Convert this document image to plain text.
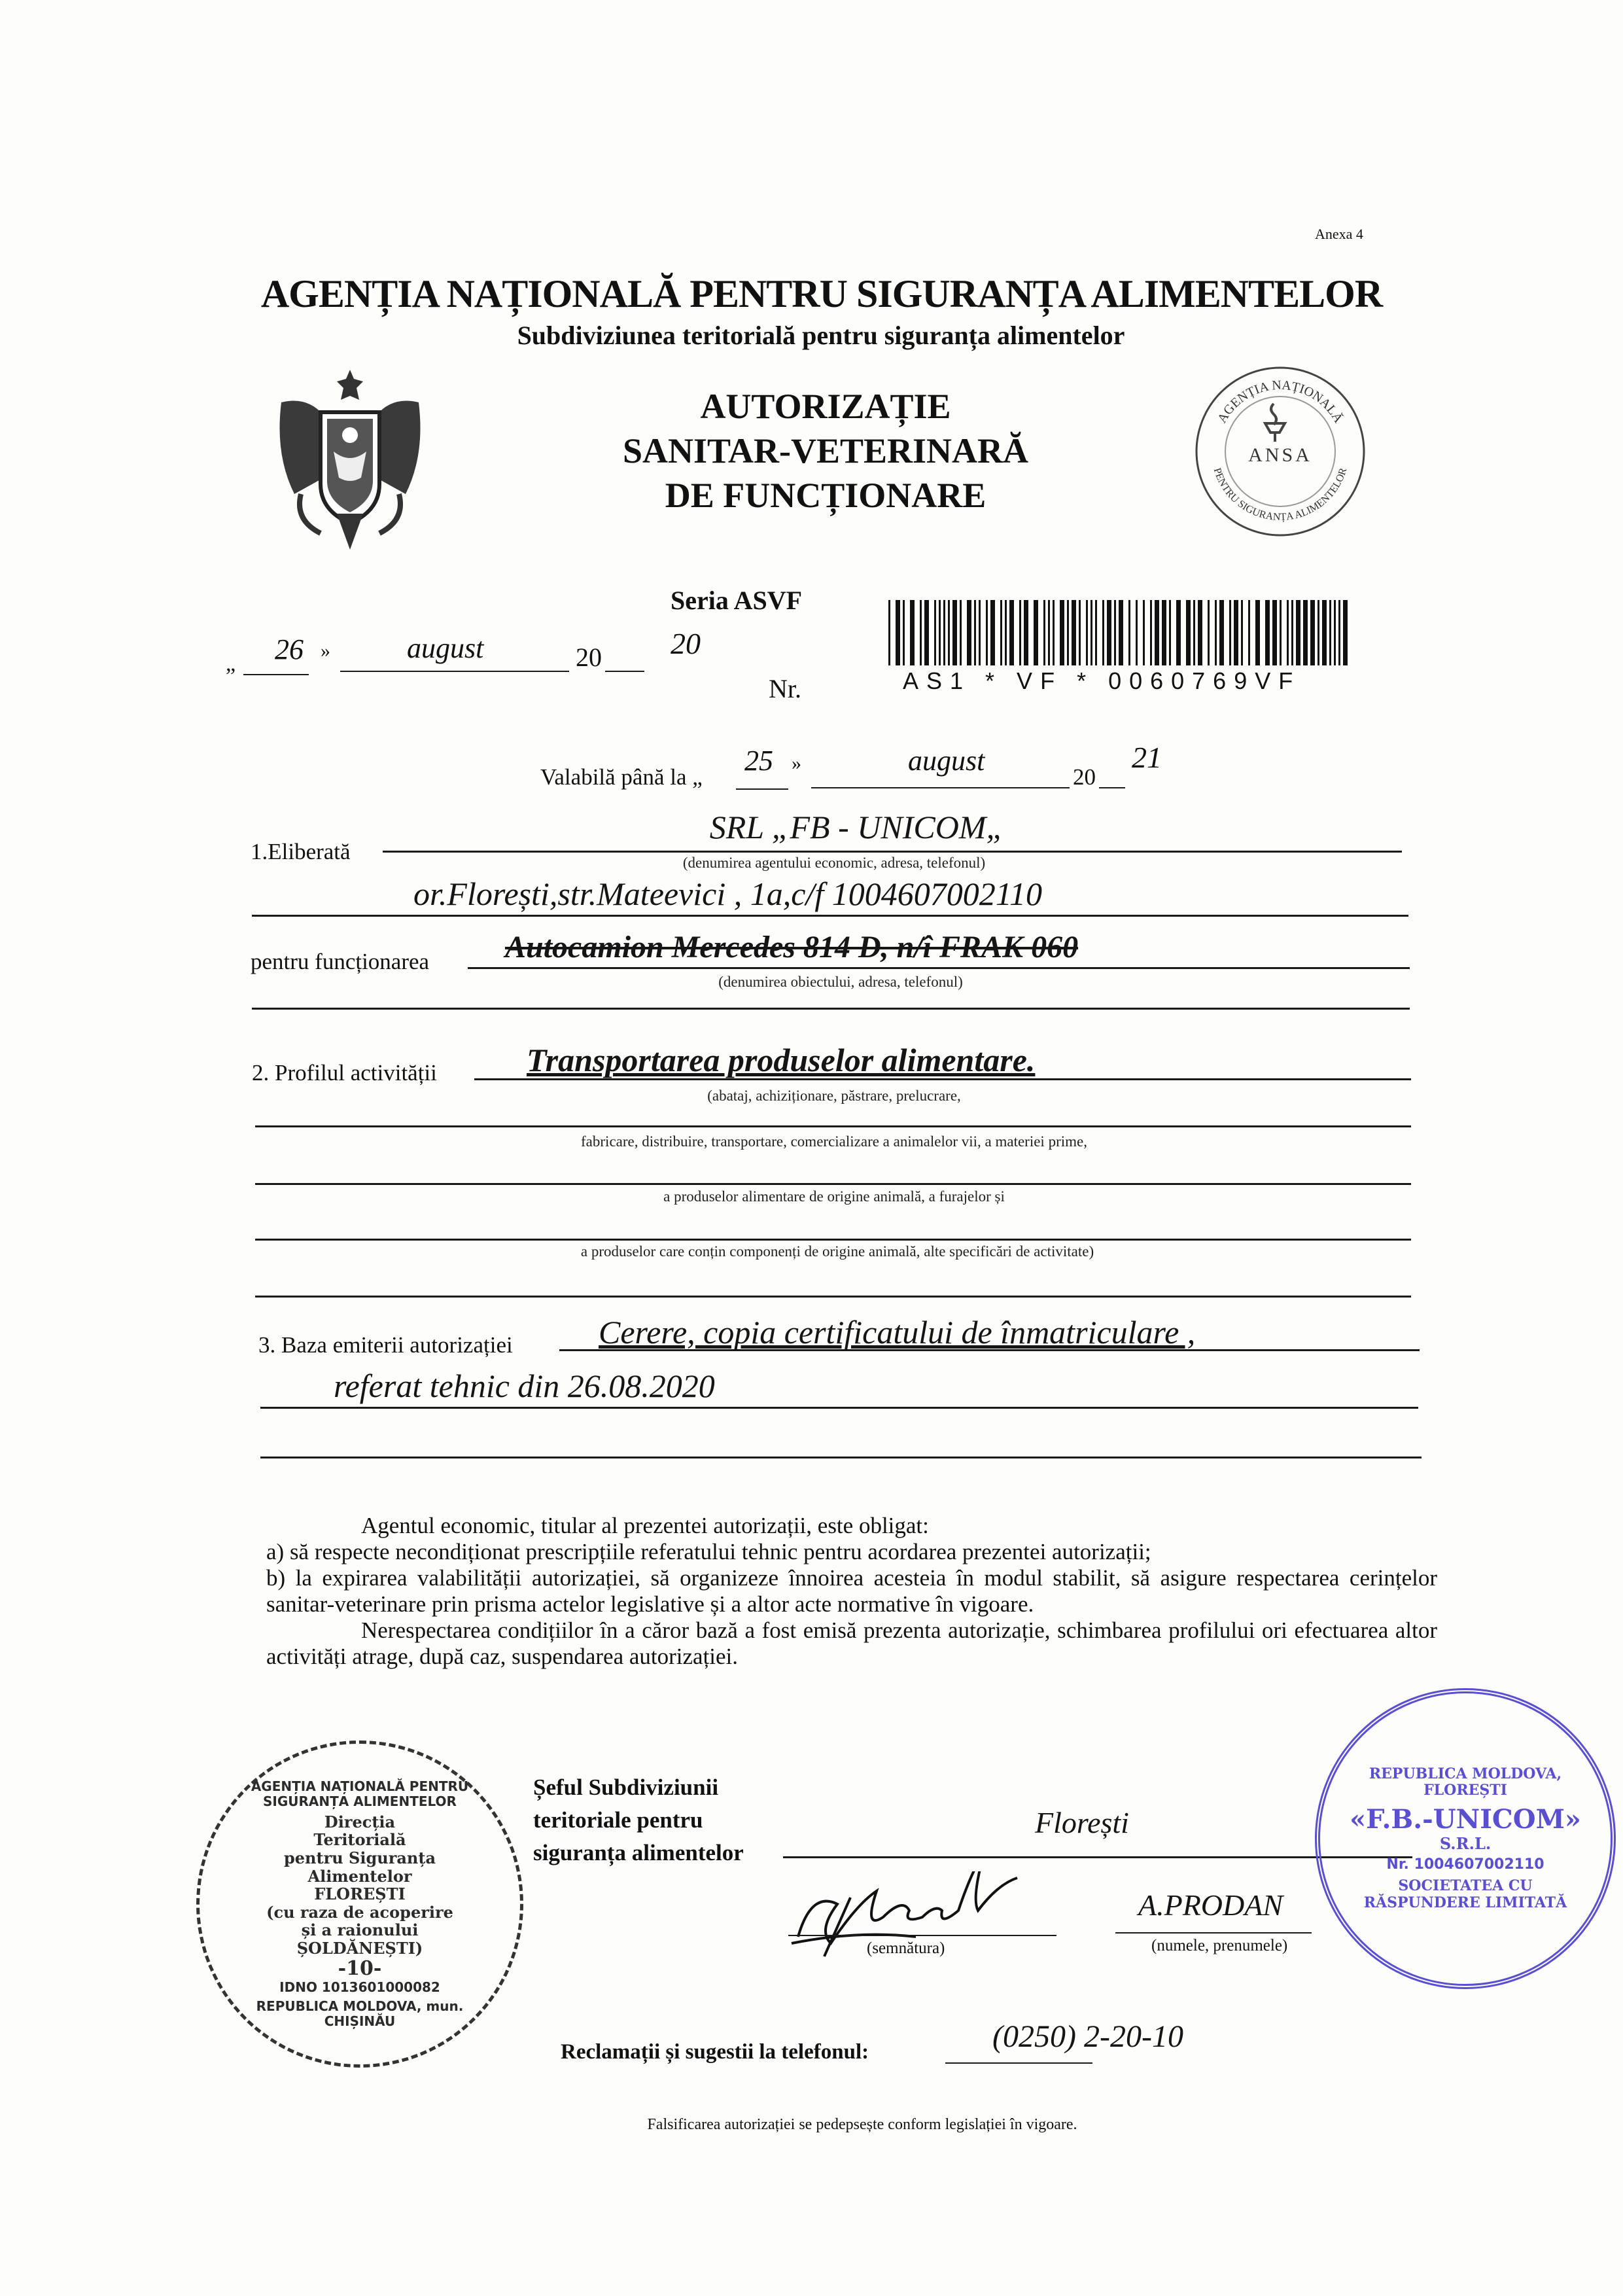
Anexa 4
AGENȚIA NAȚIONALĂ PENTRU SIGURANȚA ALIMENTELOR
Subdiviziunea teritorială pentru siguranța alimentelor
AUTORIZAȚIE
SANITAR-VETERINARĂ
DE FUNCȚIONARE
AGENȚIA NAȚIONALĂ
PENTRU SIGURANȚA ALIMENTELOR
ANSA
Seria ASVF
Nr.	AS1 * VF * 0060769VF
„ 26 »	august	20 20
Valabilă până la „
25 »	august
20
21
1.Eliberată
SRL „FB - UNICOM„
(denumirea agentului economic, adresa, telefonul)
or.Florești,str.Mateevici , 1a,c/f 1004607002110
pentru funcționarea Autocamion Mercedes 814 D, n/î FRAK 060
(denumirea obiectului, adresa, telefonul)
2. Profilul activității	Transportarea produselor alimentare.
(abataj, achiziționare, păstrare, prelucrare,
fabricare, distribuire, transportare, comercializare a animalelor vii, a materiei prime,
a produselor alimentare de origine animală, a furajelor și
a produselor care conțin componenți de origine animală, alte specificări de activitate)
3. Baza emiterii autorizației	Cerere, copia certificatului de înmatriculare ,
referat tehnic din 26.08.2020

Agentul economic, titular al prezentei autorizații, este obligat:

a) să respecte necondiționat prescripțiile referatului tehnic pentru acordarea prezentei autorizații;

b) la expirarea valabilității autorizației, să organizeze înnoirea acesteia în modul stabilit, să asigure respectarea cerințelor sanitar-veterinare prin prisma actelor legislative și a altor acte normative în vigoare.

Nerespectarea condițiilor în a căror bază a fost emisă prezenta autorizație, schimbarea profilului ori efectuarea altor activități atrage, după caz, suspendarea autorizației.

AGENȚIA NAȚIONALĂ PENTRU SIGURANȚA ALIMENTELOR
Direcția
Teritorială
pentru Siguranța
Alimentelor
FLOREȘTI
(cu raza de acoperire
și a raionului
ȘOLDĂNEȘTI)
-10-
IDNO 1013601000082
REPUBLICA MOLDOVA, mun. CHIȘINĂU
Șeful Subdiviziunii
teritoriale pentru
siguranța alimentelor
Florești
(semnătura)
A.PRODAN
(numele, prenumele)
REPUBLICA MOLDOVA, FLOREȘTI
«F.B.-UNICOM»
S.R.L.
Nr. 1004607002110
SOCIETATEA CU RĂSPUNDERE LIMITATĂ
Reclamații și sugestii la telefonul:	(0250) 2-20-10
Falsificarea autorizației se pedepsește conform legislației în vigoare.
